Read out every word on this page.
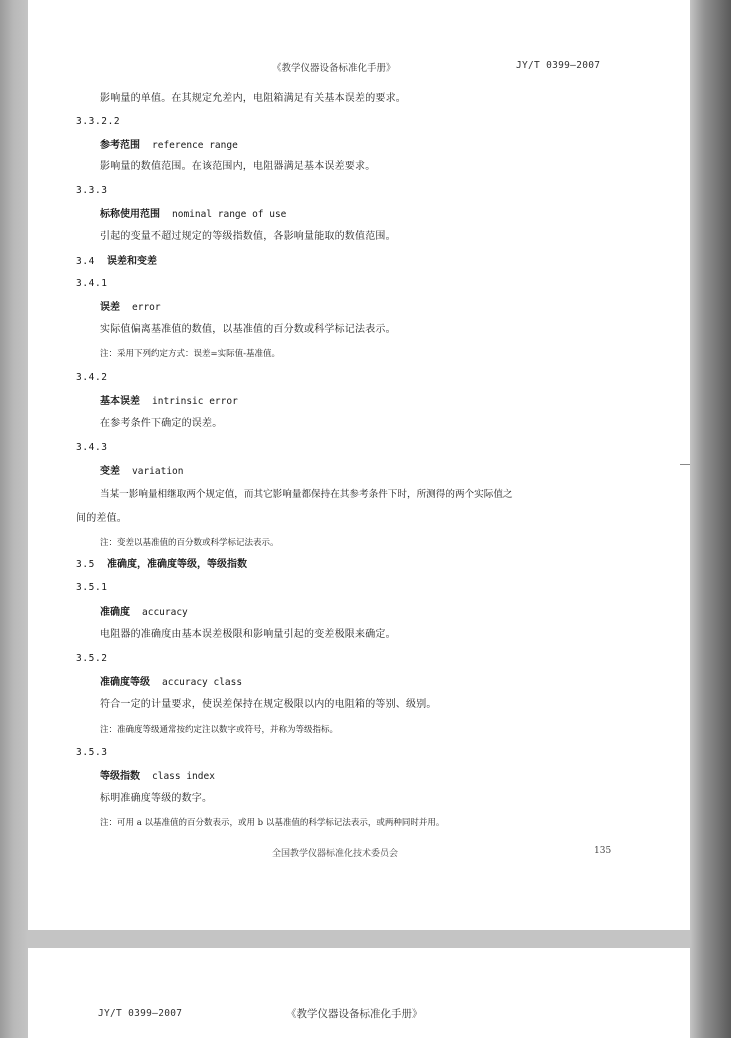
《教学仪器设备标准化手册》	JY/T 0399—2007
影响量的单值。在其规定允差内，电阻箱满足有关基本误差的要求。
3.3.2.2
参考范围 reference range
影响量的数值范围。在该范围内，电阻器满足基本误差要求。
3.3.3
标称使用范围 nominal range of use
引起的变量不超过规定的等级指数值，各影响量能取的数值范围。
3.4 误差和变差
3.4.1
误差 error
实际值偏离基准值的数值，以基准值的百分数或科学标记法表示。
注：采用下列约定方式：误差=实际值-基准值。
3.4.2
基本误差 intrinsic error
在参考条件下确定的误差。
3.4.3
变差 variation
当某一影响量相继取两个规定值，而其它影响量都保持在其参考条件下时，所测得的两个实际值之
间的差值。
注：变差以基准值的百分数或科学标记法表示。
3.5 准确度，准确度等级，等级指数
3.5.1
准确度 accuracy
电阻器的准确度由基本误差极限和影响量引起的变差极限来确定。
3.5.2
准确度等级 accuracy class
符合一定的计量要求，使误差保持在规定极限以内的电阻箱的等别、级别。
注：准确度等级通常按约定注以数字或符号，并称为等级指标。
3.5.3
等级指数 class index
标明准确度等级的数字。
注：可用 a 以基准值的百分数表示，或用 b 以基准值的科学标记法表示，或两种同时并用。
全国教学仪器标准化技术委员会	135
JY/T 0399—2007	《教学仪器设备标准化手册》
